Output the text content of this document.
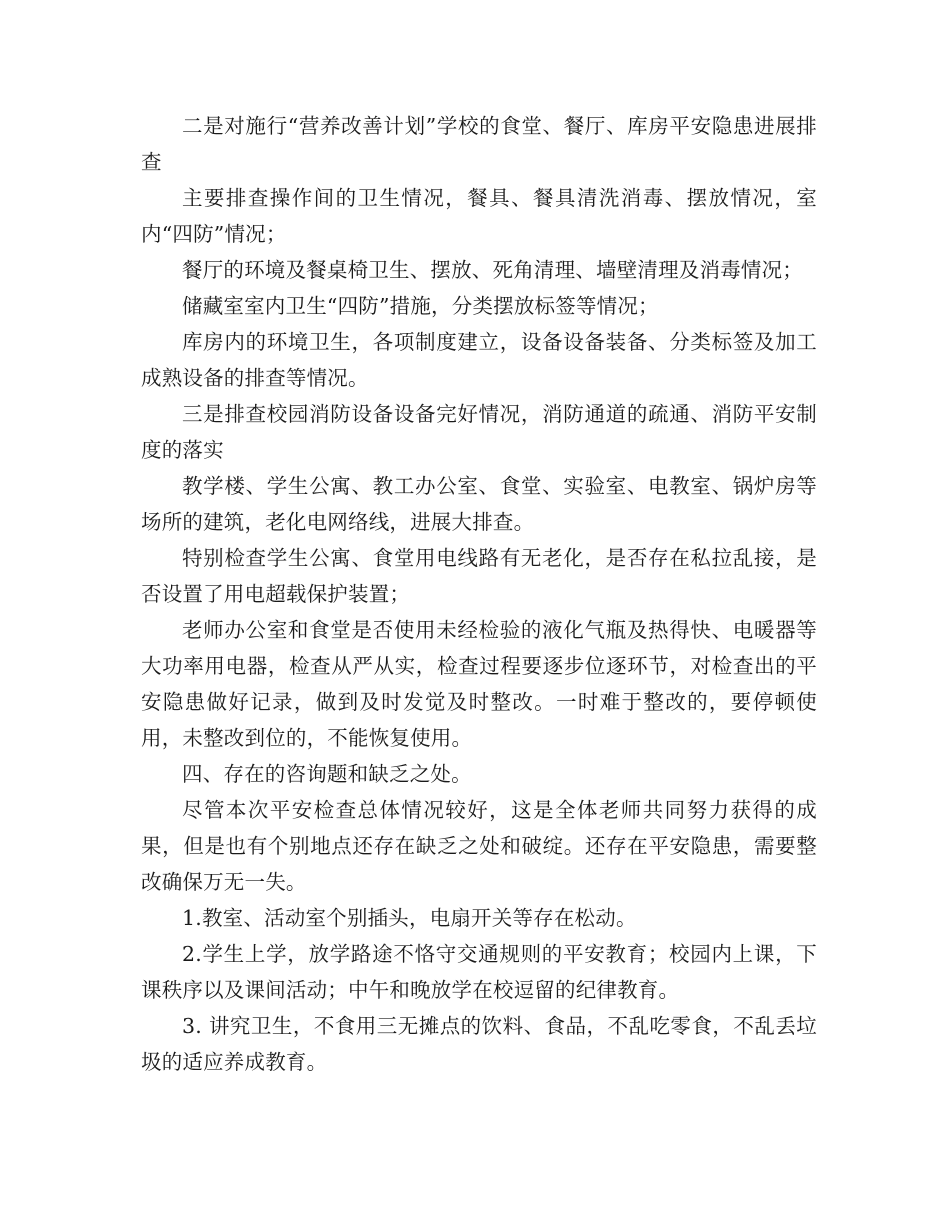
二是对施行“营养改善计划”学校的食堂、餐厅、库房平安隐患进展排查

主要排查操作间的卫生情况，餐具、餐具清洗消毒、摆放情况，室内“四防”情况；

餐厅的环境及餐桌椅卫生、摆放、死角清理、墙壁清理及消毒情况；

储藏室室内卫生“四防”措施，分类摆放标签等情况；

库房内的环境卫生，各项制度建立，设备设备装备、分类标签及加工成熟设备的排查等情况。

三是排查校园消防设备设备完好情况，消防通道的疏通、消防平安制度的落实

教学楼、学生公寓、教工办公室、食堂、实验室、电教室、锅炉房等场所的建筑，老化电网络线，进展大排查。

特别检查学生公寓、食堂用电线路有无老化，是否存在私拉乱接，是否设置了用电超载保护装置；

老师办公室和食堂是否使用未经检验的液化气瓶及热得快、电暖器等大功率用电器，检查从严从实，检查过程要逐步位逐环节，对检查出的平安隐患做好记录，做到及时发觉及时整改。一时难于整改的，要停顿使用，未整改到位的，不能恢复使用。

四、存在的咨询题和缺乏之处。

尽管本次平安检查总体情况较好，这是全体老师共同努力获得的成果，但是也有个别地点还存在缺乏之处和破绽。还存在平安隐患，需要整改确保万无一失。

1.教室、活动室个别插头，电扇开关等存在松动。

2.学生上学，放学路途不恪守交通规则的平安教育；校园内上课，下课秩序以及课间活动；中午和晚放学在校逗留的纪律教育。

3. 讲究卫生，不食用三无摊点的饮料、食品，不乱吃零食，不乱丢垃圾的适应养成教育。
